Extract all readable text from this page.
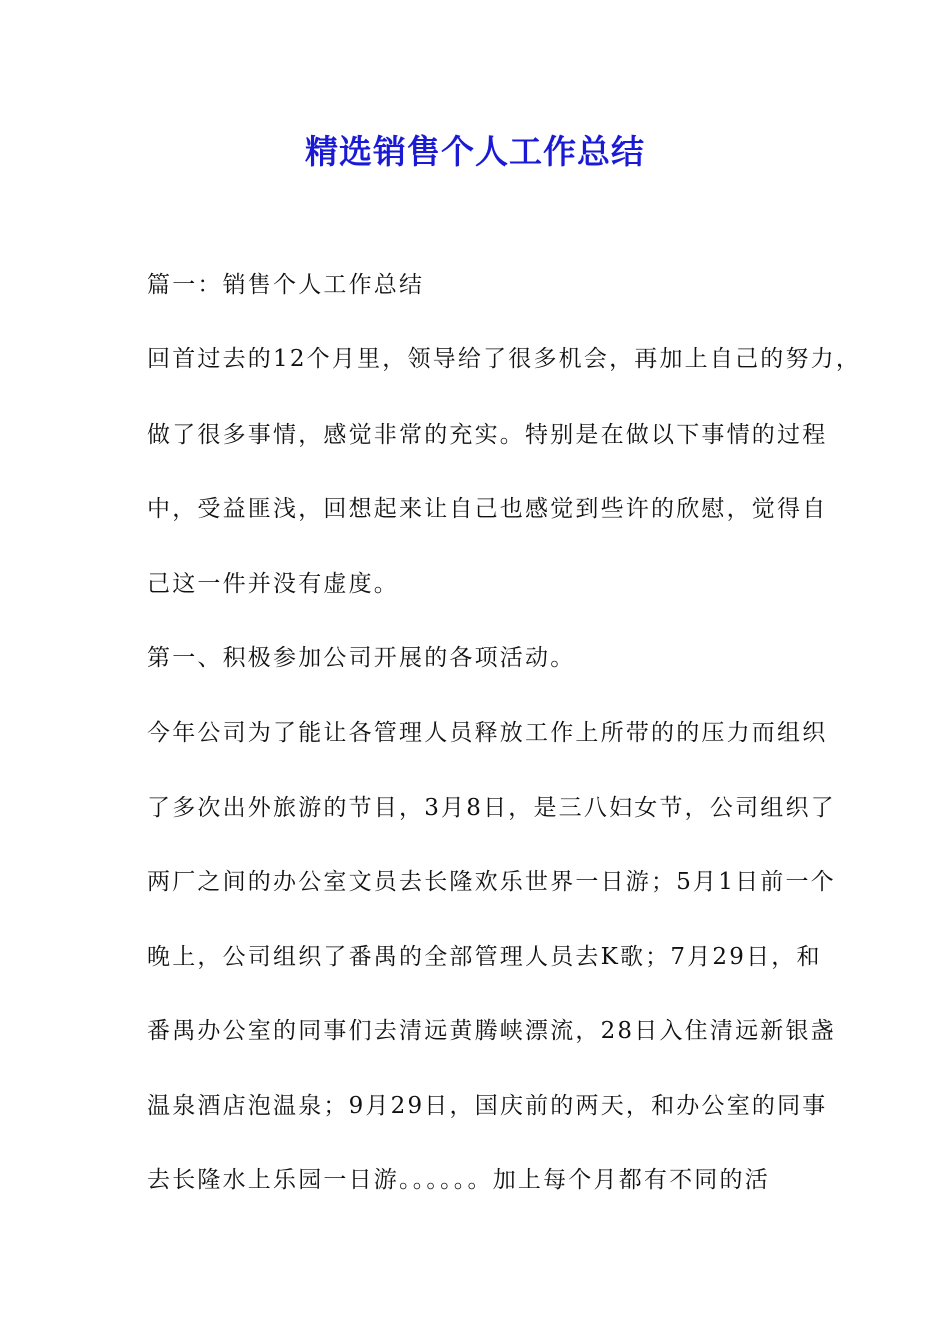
精选销售个人工作总结
篇一：销售个人工作总结
回首过去的12个月里，领导给了很多机会，再加上自己的努力，
做了很多事情，感觉非常的充实。特别是在做以下事情的过程
中，受益匪浅，回想起来让自己也感觉到些许的欣慰，觉得自
己这一件并没有虚度。
第一、积极参加公司开展的各项活动。
今年公司为了能让各管理人员释放工作上所带的的压力而组织
了多次出外旅游的节目，3月8日，是三八妇女节，公司组织了
两厂之间的办公室文员去长隆欢乐世界一日游；5月1日前一个
晚上，公司组织了番禺的全部管理人员去K歌；7月29日，和
番禺办公室的同事们去清远黄腾峡漂流，28日入住清远新银盏
温泉酒店泡温泉；9月29日，国庆前的两天，和办公室的同事
去长隆水上乐园一日游。。。。。。加上每个月都有不同的活
